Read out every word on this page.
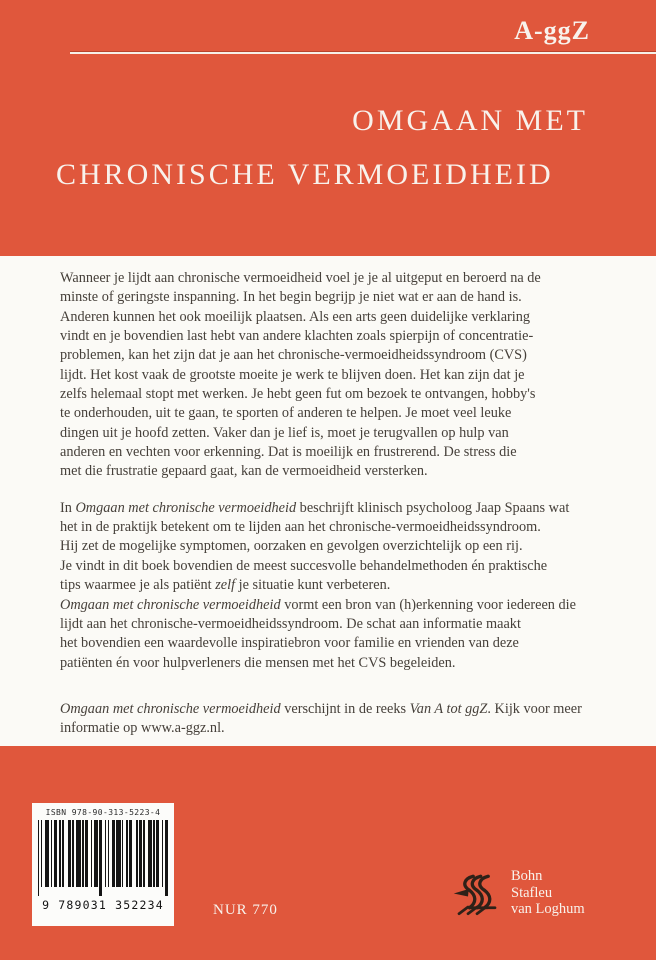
A-ggZ
OMGAAN MET
CHRONISCHE VERMOEIDHEID

Wanneer je lijdt aan chronische vermoeidheid voel je je al uitgeput en beroerd na de
minste of geringste inspanning. In het begin begrijp je niet wat er aan de hand is.
Anderen kunnen het ook moeilijk plaatsen. Als een arts geen duidelijke verklaring
vindt en je bovendien last hebt van andere klachten zoals spierpijn of concentratie-
problemen, kan het zijn dat je aan het chronische-vermoeidheidssyndroom (CVS)
lijdt. Het kost vaak de grootste moeite je werk te blijven doen. Het kan zijn dat je
zelfs helemaal stopt met werken. Je hebt geen fut om bezoek te ontvangen, hobby's
te onderhouden, uit te gaan, te sporten of anderen te helpen. Je moet veel leuke
dingen uit je hoofd zetten. Vaker dan je lief is, moet je terugvallen op hulp van
anderen en vechten voor erkenning. Dat is moeilijk en frustrerend. De stress die
met die frustratie gepaard gaat, kan de vermoeidheid versterken.

In Omgaan met chronische vermoeidheid beschrijft klinisch psycholoog Jaap Spaans wat
het in de praktijk betekent om te lijden aan het chronische-vermoeidheidssyndroom.
Hij zet de mogelijke symptomen, oorzaken en gevolgen overzichtelijk op een rij.
Je vindt in dit boek bovendien de meest succesvolle behandelmethoden én praktische
tips waarmee je als patiënt zelf je situatie kunt verbeteren.
Omgaan met chronische vermoeidheid vormt een bron van (h)erkenning voor iedereen die
lijdt aan het chronische-vermoeidheidssyndroom. De schat aan informatie maakt
het bovendien een waardevolle inspiratiebron voor familie en vrienden van deze
patiënten én voor hulpverleners die mensen met het CVS begeleiden.

Omgaan met chronische vermoeidheid verschijnt in de reeks Van A tot ggZ. Kijk voor meer
informatie op www.a-ggz.nl.

ISBN 978-90-313-5223-4
9 789031 352234	NUR 770
Bohn
Stafleu
van Loghum
